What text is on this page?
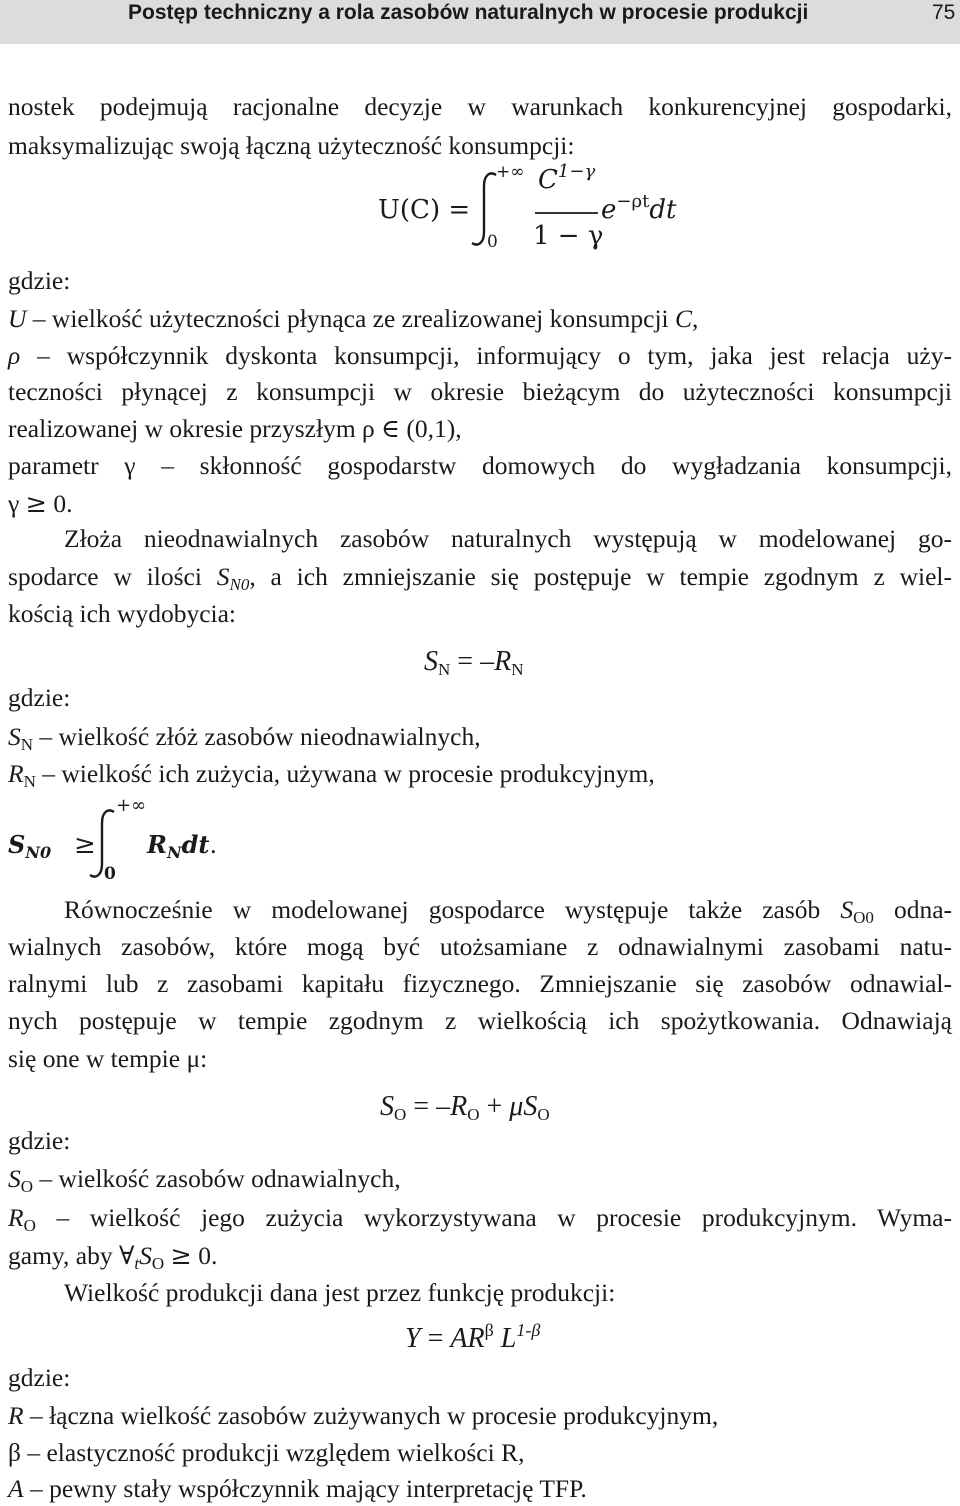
Postęp techniczny a rola zasobów naturalnych w procesie produkcji	75
nostek podejmują racjonalne decyzje w warunkach konkurencyjnej gospodarki,
maksymalizując swoją łączną użyteczność konsumpcji:
U(C) =
+∞
0
$C^{1-\gamma}$
1 − γ
$e^{-\rho t}dt$
gdzie:
U – wielkość użyteczności płynąca ze zrealizowanej konsumpcji C,
ρ – współczynnik dyskonta konsumpcji, informujący o tym, jaka jest relacja uży-
teczności płynącej z konsumpcji w okresie bieżącym do użyteczności konsumpcji
realizowanej w okresie przyszłym ρ ∈ (0,1),
parametr γ – skłonność gospodarstw domowych do wygładzania konsumpcji,
γ ≥ 0.
Złoża nieodnawialnych zasobów naturalnych występują w modelowanej go-
spodarce w ilości $S_{N0}$, a ich zmniejszanie się postępuje w tempie zgodnym z wiel-
kością ich wydobycia:
$S_N = -R_N$
gdzie:
$S_N$ – wielkość złóż zasobów nieodnawialnych,
$R_N$ – wielkość ich zużycia, używana w procesie produkcyjnym,
$S_{N0}$ ≥
+∞
0
$R_Ndt$.
Równocześnie w modelowanej gospodarce występuje także zasób $S_{O0}$ odna-
wialnych zasobów, które mogą być utożsamiane z odnawialnymi zasobami natu-
ralnymi lub z zasobami kapitału fizycznego. Zmniejszanie się zasobów odnawial-
nych postępuje w tempie zgodnym z wielkością ich spożytkowania. Odnawiają
się one w tempie μ:
$S_O = -R_O + \mu S_O$
gdzie:
$S_O$ – wielkość zasobów odnawialnych,
$R_O$ – wielkość jego zużycia wykorzystywana w procesie produkcyjnym. Wyma-
gamy, aby $\forall_tS_O \ge 0$.
Wielkość produkcji dana jest przez funkcję produkcji:
$Y = AR^\beta$ $L^{1-\beta}$
gdzie:
R – łączna wielkość zasobów zużywanych w procesie produkcyjnym,
β – elastyczność produkcji względem wielkości R,
A – pewny stały współczynnik mający interpretację TFP.
